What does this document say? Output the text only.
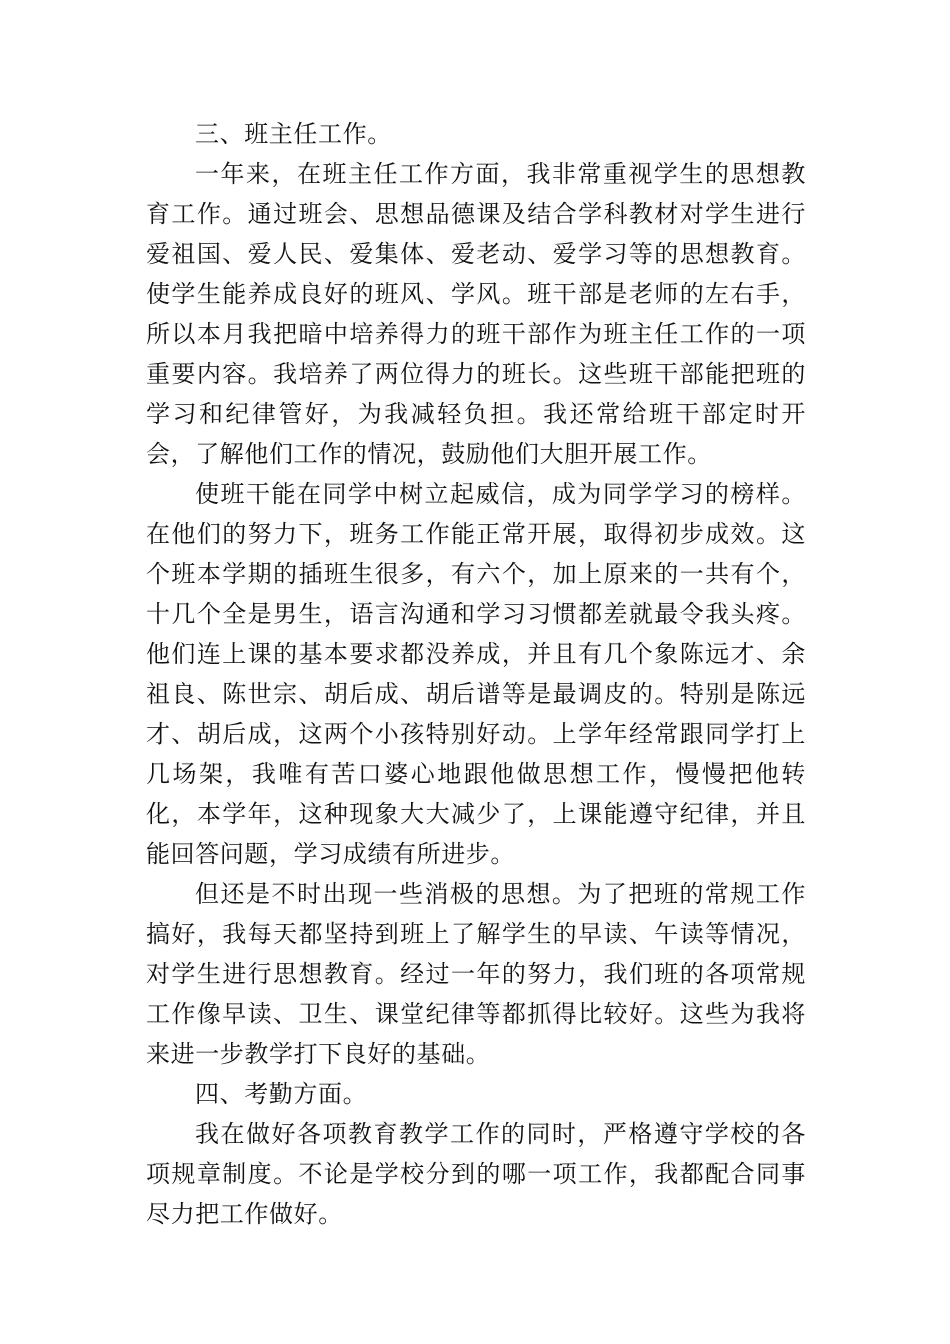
三、班主任工作。

一年来，在班主任工作方面，我非常重视学生的思想教育工作。通过班会、思想品德课及结合学科教材对学生进行爱祖国、爱人民、爱集体、爱老动、爱学习等的思想教育。使学生能养成良好的班风、学风。班干部是老师的左右手，所以本月我把暗中培养得力的班干部作为班主任工作的一项重要内容。我培养了两位得力的班长。这些班干部能把班的学习和纪律管好，为我减轻负担。我还常给班干部定时开会，了解他们工作的情况，鼓励他们大胆开展工作。

使班干能在同学中树立起威信，成为同学学习的榜样。在他们的努力下，班务工作能正常开展，取得初步成效。这个班本学期的插班生很多，有六个，加上原来的一共有个，十几个全是男生，语言沟通和学习习惯都差就最令我头疼。他们连上课的基本要求都没养成，并且有几个象陈远才、余祖良、陈世宗、胡后成、胡后谱等是最调皮的。特别是陈远才、胡后成，这两个小孩特别好动。上学年经常跟同学打上几场架，我唯有苦口婆心地跟他做思想工作，慢慢把他转化，本学年，这种现象大大减少了，上课能遵守纪律，并且能回答问题，学习成绩有所进步。

但还是不时出现一些消极的思想。为了把班的常规工作搞好，我每天都坚持到班上了解学生的早读、午读等情况，对学生进行思想教育。经过一年的努力，我们班的各项常规工作像早读、卫生、课堂纪律等都抓得比较好。这些为我将来进一步教学打下良好的基础。

四、考勤方面。

我在做好各项教育教学工作的同时，严格遵守学校的各项规章制度。不论是学校分到的哪一项工作，我都配合同事尽力把工作做好。
